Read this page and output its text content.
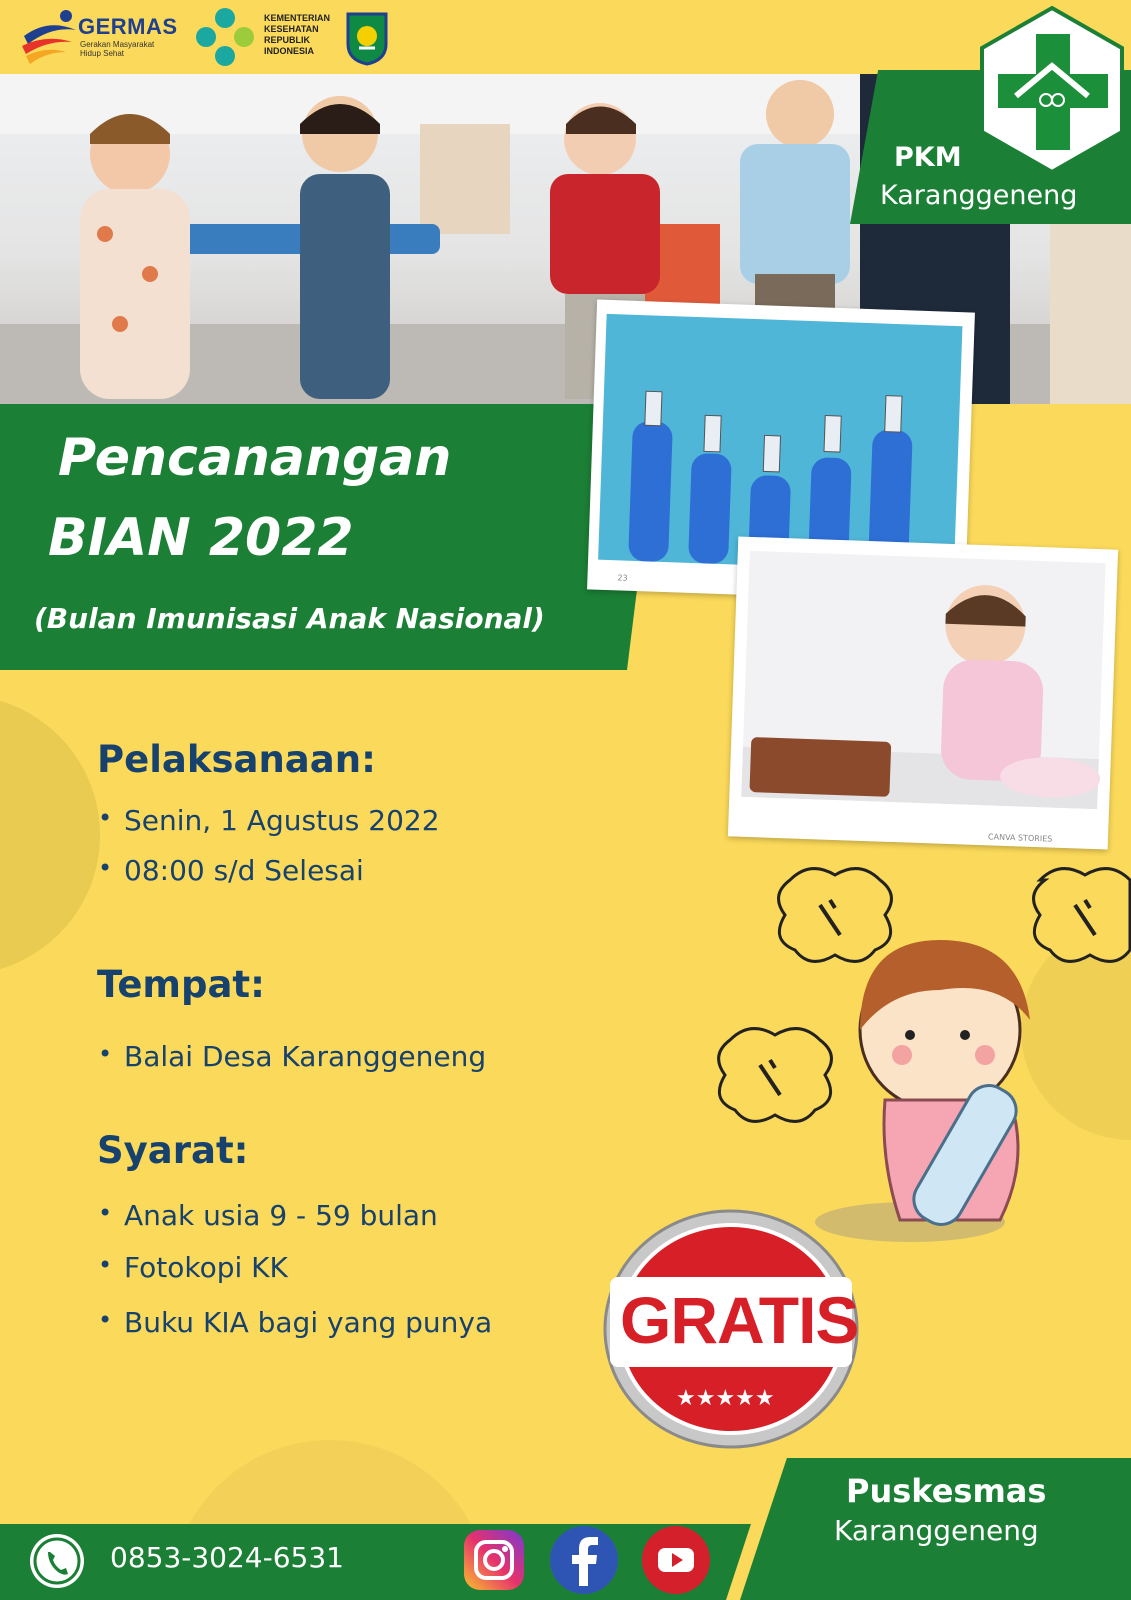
GERMAS
Gerakan Masyarakat Hidup Sehat
KEMENTERIAN
KESEHATAN
REPUBLIK
INDONESIA
PKM
Karanggeneng
Pencanangan
BIAN 2022
(Bulan Imunisasi Anak Nasional)
23
CANVA STORIES
Pelaksanaan:
• Senin, 1 Agustus 2022
• 08:00 s/d Selesai
Tempat:
• Balai Desa Karanggeneng
Syarat:
• Anak usia 9 - 59 bulan
• Fotokopi KK
• Buku KIA bagi yang punya
100%
GRATIS
★★★★★
0853-3024-6531
Puskesmas
Karanggeneng
